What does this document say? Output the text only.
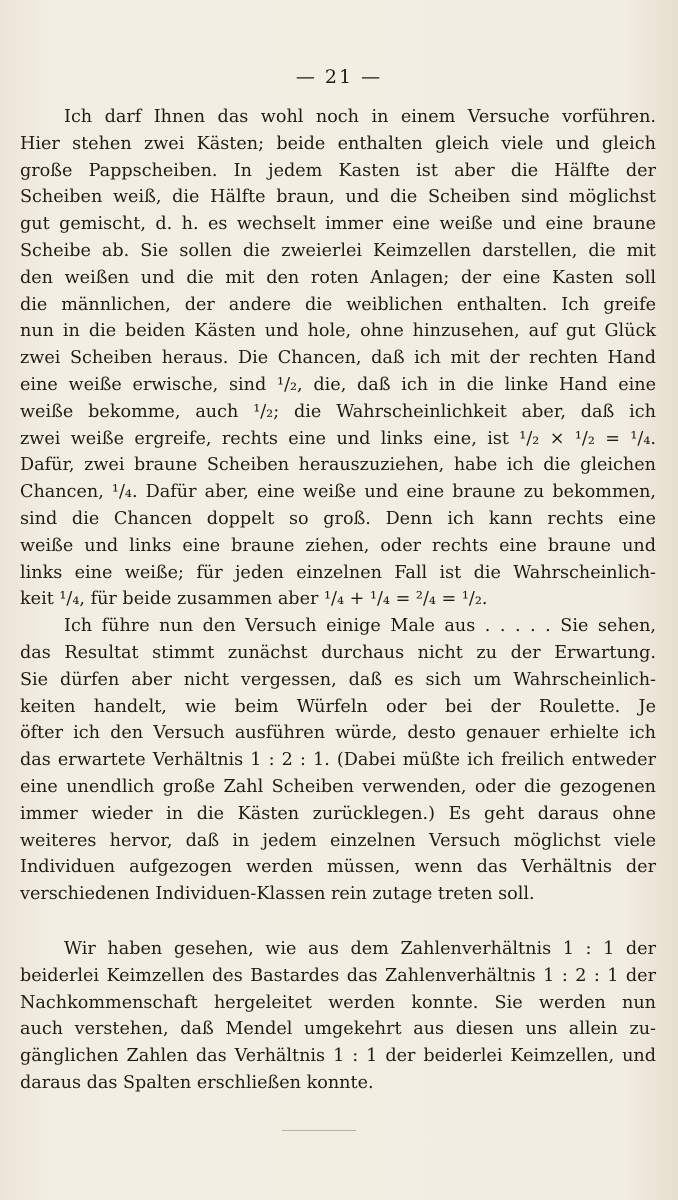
— 21 —
Ich darf Ihnen das wohl noch in einem Versuche vorführen.
Hier stehen zwei Kästen; beide enthalten gleich viele und gleich
große Pappscheiben. In jedem Kasten ist aber die Hälfte der
Scheiben weiß, die Hälfte braun, und die Scheiben sind möglichst
gut gemischt, d. h. es wechselt immer eine weiße und eine braune
Scheibe ab. Sie sollen die zweierlei Keimzellen darstellen, die mit
den weißen und die mit den roten Anlagen; der eine Kasten soll
die männlichen, der andere die weiblichen enthalten. Ich greife
nun in die beiden Kästen und hole, ohne hinzusehen, auf gut Glück
zwei Scheiben heraus. Die Chancen, daß ich mit der rechten Hand
eine weiße erwische, sind ¹/₂, die, daß ich in die linke Hand eine
weiße bekomme, auch ¹/₂; die Wahrscheinlichkeit aber, daß ich
zwei weiße ergreife, rechts eine und links eine, ist ¹/₂ × ¹/₂ = ¹/₄.
Dafür, zwei braune Scheiben herauszuziehen, habe ich die gleichen
Chancen, ¹/₄. Dafür aber, eine weiße und eine braune zu bekommen,
sind die Chancen doppelt so groß. Denn ich kann rechts eine
weiße und links eine braune ziehen, oder rechts eine braune und
links eine weiße; für jeden einzelnen Fall ist die Wahrscheinlich-
keit ¹/₄, für beide zusammen aber ¹/₄ + ¹/₄ = ²/₄ = ¹/₂.
Ich führe nun den Versuch einige Male aus . . . . . Sie sehen,
das Resultat stimmt zunächst durchaus nicht zu der Erwartung.
Sie dürfen aber nicht vergessen, daß es sich um Wahrscheinlich-
keiten handelt, wie beim Würfeln oder bei der Roulette. Je
öfter ich den Versuch ausführen würde, desto genauer erhielte ich
das erwartete Verhältnis 1 : 2 : 1. (Dabei müßte ich freilich entweder
eine unendlich große Zahl Scheiben verwenden, oder die gezogenen
immer wieder in die Kästen zurücklegen.) Es geht daraus ohne
weiteres hervor, daß in jedem einzelnen Versuch möglichst viele
Individuen aufgezogen werden müssen, wenn das Verhältnis der
verschiedenen Individuen-Klassen rein zutage treten soll.
Wir haben gesehen, wie aus dem Zahlenverhältnis 1 : 1 der
beiderlei Keimzellen des Bastardes das Zahlenverhältnis 1 : 2 : 1 der
Nachkommenschaft hergeleitet werden konnte. Sie werden nun
auch verstehen, daß Mendel umgekehrt aus diesen uns allein zu-
gänglichen Zahlen das Verhältnis 1 : 1 der beiderlei Keimzellen, und
daraus das Spalten erschließen konnte.
